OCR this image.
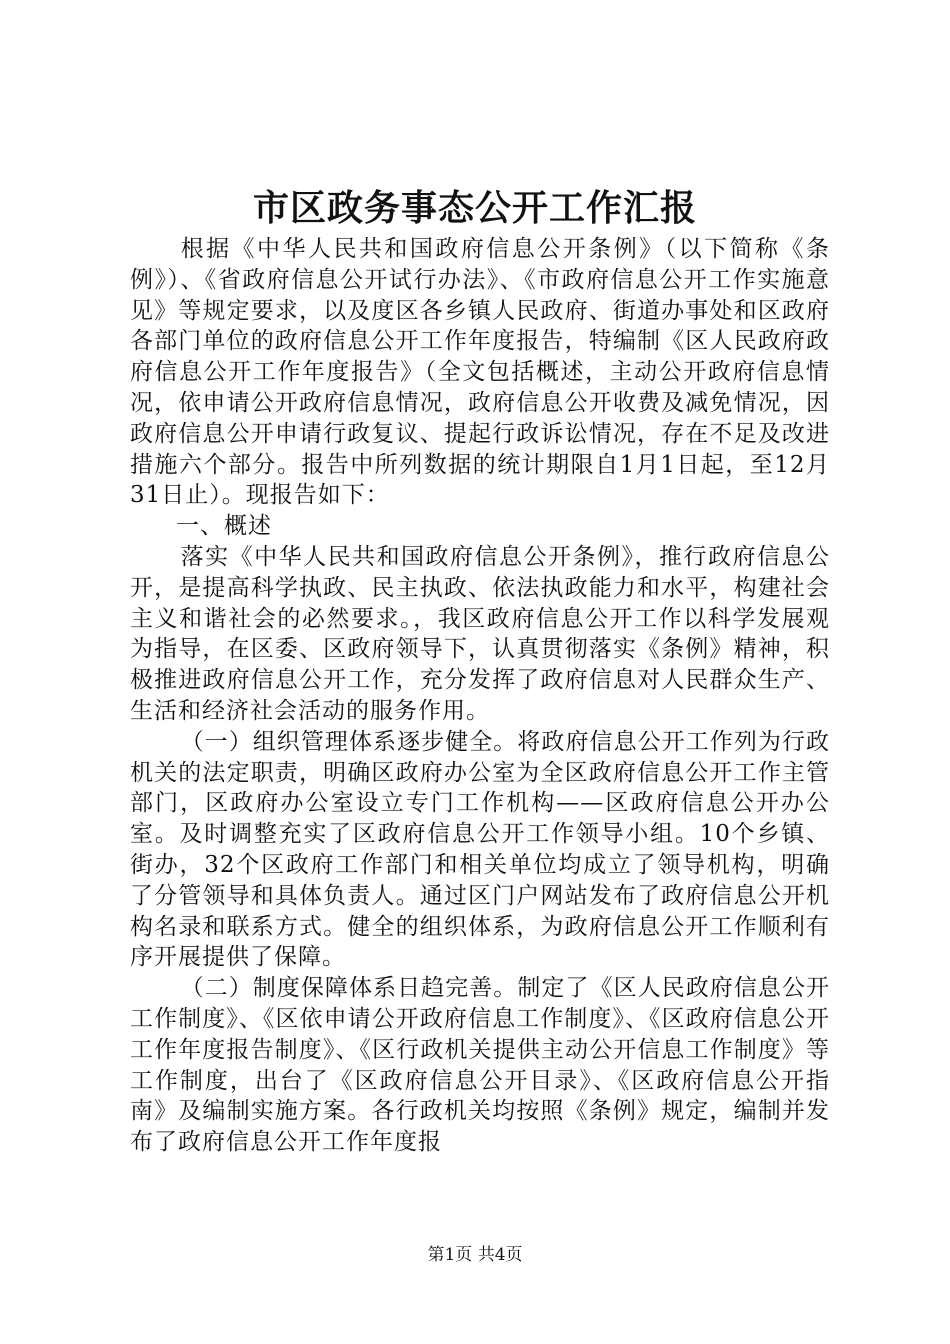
市区政务事态公开工作汇报

根据《中华人民共和国政府信息公开条例》（以下简称《条例》）、《省政府信息公开试行办法》、《市政府信息公开工作实施意见》等规定要求，以及度区各乡镇人民政府、街道办事处和区政府各部门单位的政府信息公开工作年度报告，特编制《区人民政府政府信息公开工作年度报告》（全文包括概述，主动公开政府信息情况，依申请公开政府信息情况，政府信息公开收费及减免情况，因政府信息公开申请行政复议、提起行政诉讼情况，存在不足及改进措施六个部分。报告中所列数据的统计期限自1月1日起，至12月31日止）。现报告如下：

一、概述

落实《中华人民共和国政府信息公开条例》，推行政府信息公开，是提高科学执政、民主执政、依法执政能力和水平，构建社会主义和谐社会的必然要求。，我区政府信息公开工作以科学发展观为指导，在区委、区政府领导下，认真贯彻落实《条例》精神，积极推进政府信息公开工作，充分发挥了政府信息对人民群众生产、生活和经济社会活动的服务作用。

（一）组织管理体系逐步健全。将政府信息公开工作列为行政机关的法定职责，明确区政府办公室为全区政府信息公开工作主管部门，区政府办公室设立专门工作机构——区政府信息公开办公室。及时调整充实了区政府信息公开工作领导小组。10个乡镇、街办，32个区政府工作部门和相关单位均成立了领导机构，明确了分管领导和具体负责人。通过区门户网站发布了政府信息公开机构名录和联系方式。健全的组织体系，为政府信息公开工作顺利有序开展提供了保障。

（二）制度保障体系日趋完善。制定了《区人民政府信息公开工作制度》、《区依申请公开政府信息工作制度》、《区政府信息公开工作年度报告制度》、《区行政机关提供主动公开信息工作制度》等工作制度，出台了《区政府信息公开目录》、《区政府信息公开指南》及编制实施方案。各行政机关均按照《条例》规定，编制并发布了政府信息公开工作年度报

第1页 共4页
